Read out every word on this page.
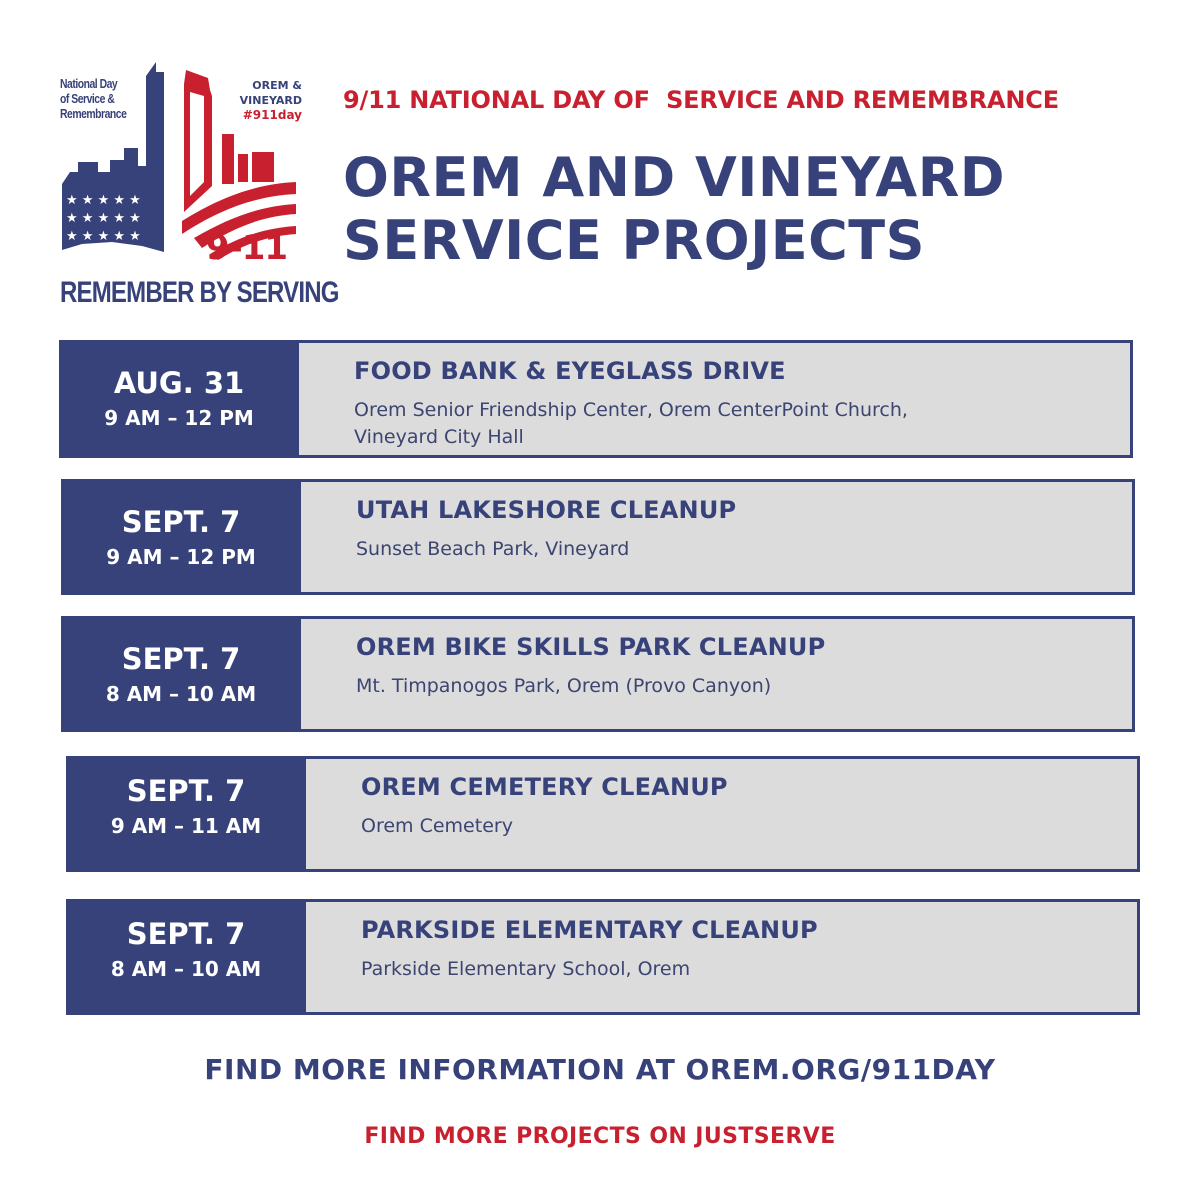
★ ★ ★ ★ ★
★ ★ ★ ★ ★
★ ★ ★ ★ ★
National Day
of Service &
Remembrance
OREM &
VINEYARD
#911day
9-11
REMEMBER BY SERVING
9/11 NATIONAL DAY OF  SERVICE AND REMEMBRANCE
OREM AND VINEYARD
SERVICE PROJECTS
AUG. 31
9 AM – 12 PM
FOOD BANK & EYEGLASS DRIVE
Orem Senior Friendship Center, Orem CenterPoint Church,
Vineyard City Hall
SEPT. 7
9 AM – 12 PM
UTAH LAKESHORE CLEANUP
Sunset Beach Park, Vineyard
SEPT. 7
8 AM – 10 AM
OREM BIKE SKILLS PARK CLEANUP
Mt. Timpanogos Park, Orem (Provo Canyon)
SEPT. 7
9 AM – 11 AM
OREM CEMETERY CLEANUP
Orem Cemetery
SEPT. 7
8 AM – 10 AM
PARKSIDE ELEMENTARY CLEANUP
Parkside Elementary School, Orem
FIND MORE INFORMATION AT OREM.ORG/911DAY
FIND MORE PROJECTS ON JUSTSERVE
